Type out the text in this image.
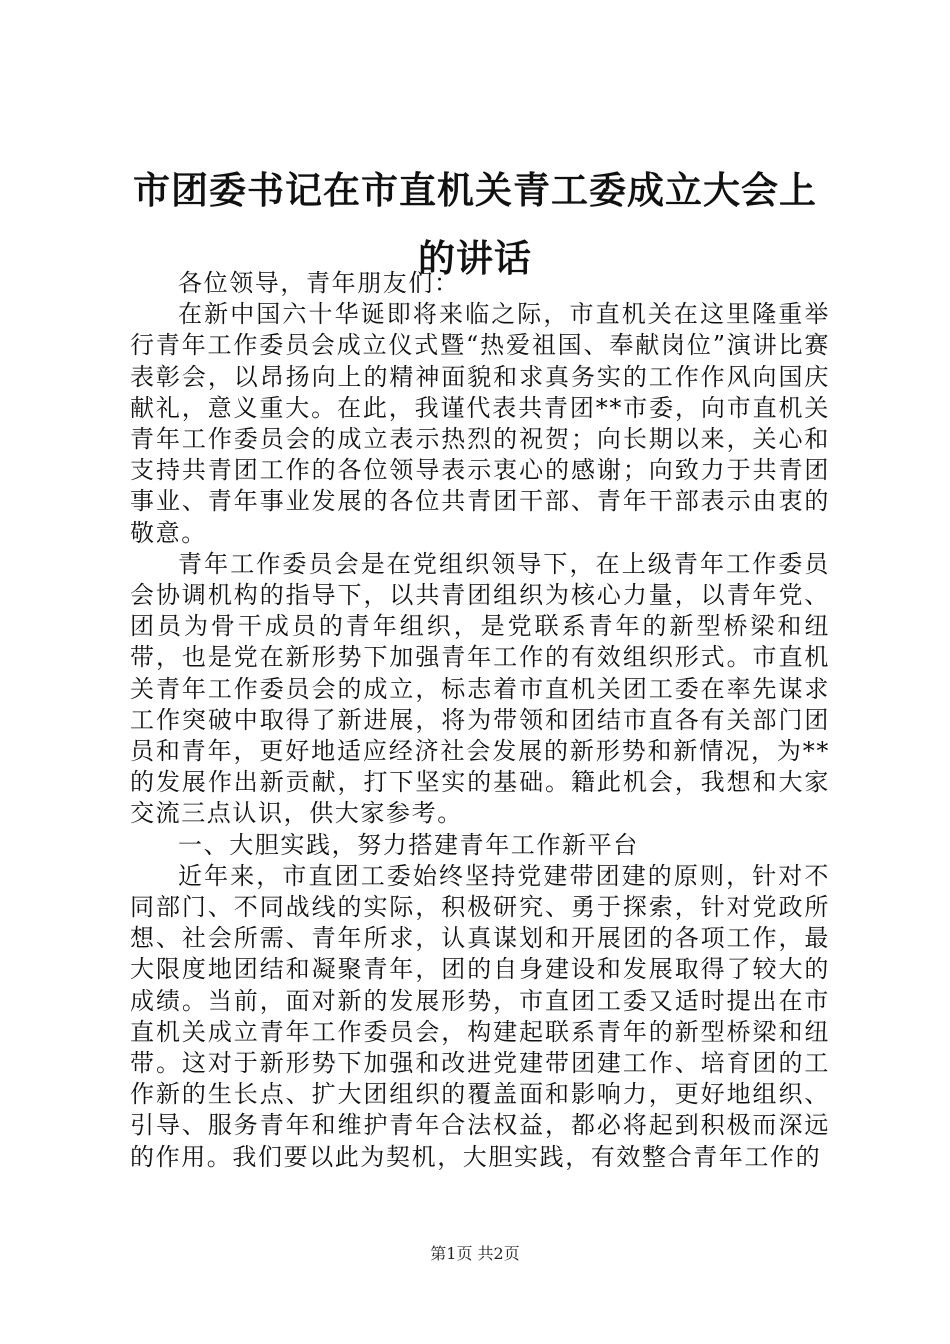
市团委书记在市直机关青工委成立大会上的讲话

各位领导，青年朋友们：

在新中国六十华诞即将来临之际，市直机关在这里隆重举行青年工作委员会成立仪式暨“热爱祖国、奉献岗位”演讲比赛表彰会，以昂扬向上的精神面貌和求真务实的工作作风向国庆献礼，意义重大。在此，我谨代表共青团**市委，向市直机关青年工作委员会的成立表示热烈的祝贺；向长期以来，关心和支持共青团工作的各位领导表示衷心的感谢；向致力于共青团事业、青年事业发展的各位共青团干部、青年干部表示由衷的敬意。

青年工作委员会是在党组织领导下，在上级青年工作委员会协调机构的指导下，以共青团组织为核心力量，以青年党、团员为骨干成员的青年组织，是党联系青年的新型桥梁和纽带，也是党在新形势下加强青年工作的有效组织形式。市直机关青年工作委员会的成立，标志着市直机关团工委在率先谋求工作突破中取得了新进展，将为带领和团结市直各有关部门团员和青年，更好地适应经济社会发展的新形势和新情况，为**的发展作出新贡献，打下坚实的基础。籍此机会，我想和大家交流三点认识，供大家参考。

一、大胆实践，努力搭建青年工作新平台

近年来，市直团工委始终坚持党建带团建的原则，针对不同部门、不同战线的实际，积极研究、勇于探索，针对党政所想、社会所需、青年所求，认真谋划和开展团的各项工作，最大限度地团结和凝聚青年，团的自身建设和发展取得了较大的成绩。当前，面对新的发展形势，市直团工委又适时提出在市直机关成立青年工作委员会，构建起联系青年的新型桥梁和纽带。这对于新形势下加强和改进党建带团建工作、培育团的工作新的生长点、扩大团组织的覆盖面和影响力，更好地组织、引导、服务青年和维护青年合法权益，都必将起到积极而深远的作用。我们要以此为契机，大胆实践，有效整合青年工作的

第1页 共2页
